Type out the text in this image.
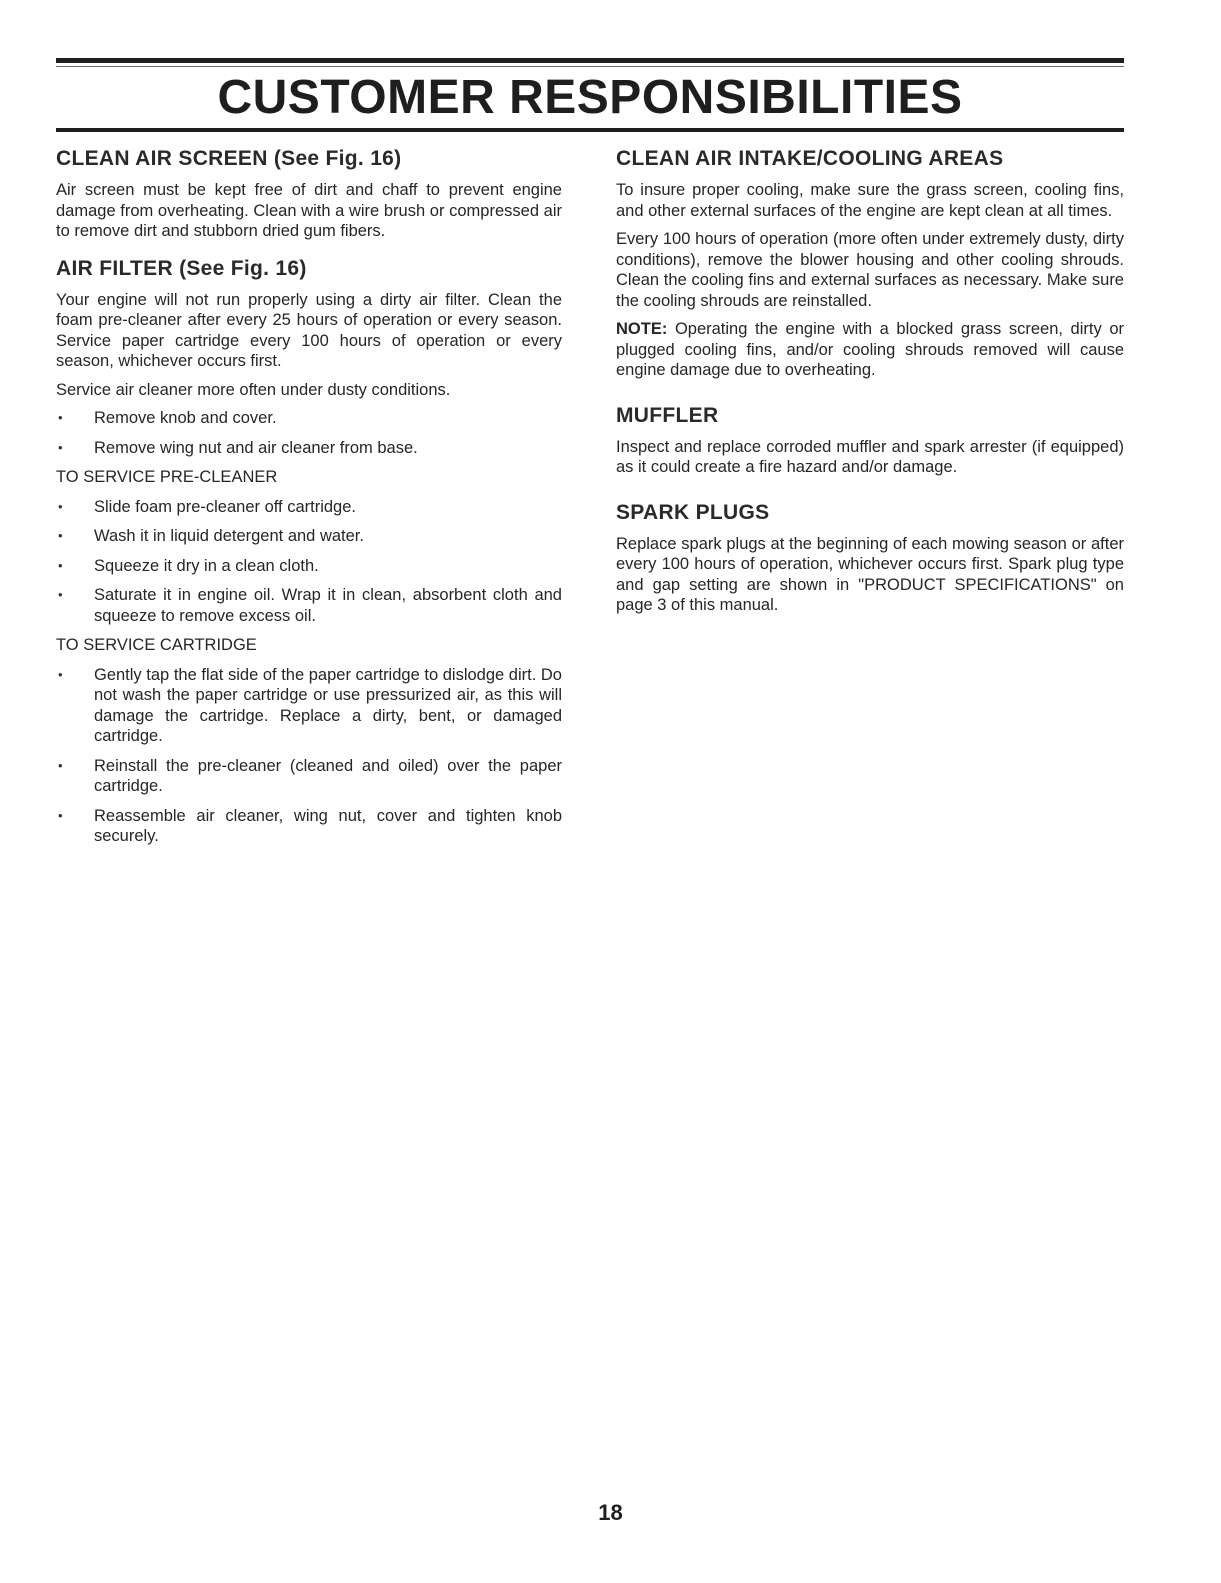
CUSTOMER RESPONSIBILITIES
CLEAN AIR SCREEN (See Fig. 16)

Air screen must be kept free of dirt and chaff to prevent engine damage from overheating. Clean with a wire brush or compressed air to remove dirt and stubborn dried gum fibers.

AIR FILTER (See Fig. 16)

Your engine will not run properly using a dirty air filter. Clean the foam pre-cleaner after every 25 hours of operation or every season. Service paper cartridge every 100 hours of operation or every season, whichever occurs first.

Service air cleaner more often under dusty conditions.

• Remove knob and cover.
• Remove wing nut and air cleaner from base.
TO SERVICE PRE-CLEANER
• Slide foam pre-cleaner off cartridge.
• Wash it in liquid detergent and water.
• Squeeze it dry in a clean cloth.
• Saturate it in engine oil. Wrap it in clean, absorbent cloth and squeeze to remove excess oil.
TO SERVICE CARTRIDGE
• Gently tap the flat side of the paper cartridge to dislodge dirt. Do not wash the paper cartridge or use pressurized air, as this will damage the cartridge. Replace a dirty, bent, or damaged cartridge.
• Reinstall the pre-cleaner (cleaned and oiled) over the paper cartridge.
• Reassemble air cleaner, wing nut, cover and tighten knob securely.
CLEAN AIR INTAKE/COOLING AREAS

To insure proper cooling, make sure the grass screen, cooling fins, and other external surfaces of the engine are kept clean at all times.

Every 100 hours of operation (more often under extremely dusty, dirty conditions), remove the blower housing and other cooling shrouds. Clean the cooling fins and external surfaces as necessary. Make sure the cooling shrouds are reinstalled.

NOTE: Operating the engine with a blocked grass screen, dirty or plugged cooling fins, and/or cooling shrouds removed will cause engine damage due to overheating.

MUFFLER

Inspect and replace corroded muffler and spark arrester (if equipped) as it could create a fire hazard and/or damage.

SPARK PLUGS

Replace spark plugs at the beginning of each mowing season or after every 100 hours of operation, whichever occurs first. Spark plug type and gap setting are shown in "PRODUCT SPECIFICATIONS" on page 3 of this manual.

18
